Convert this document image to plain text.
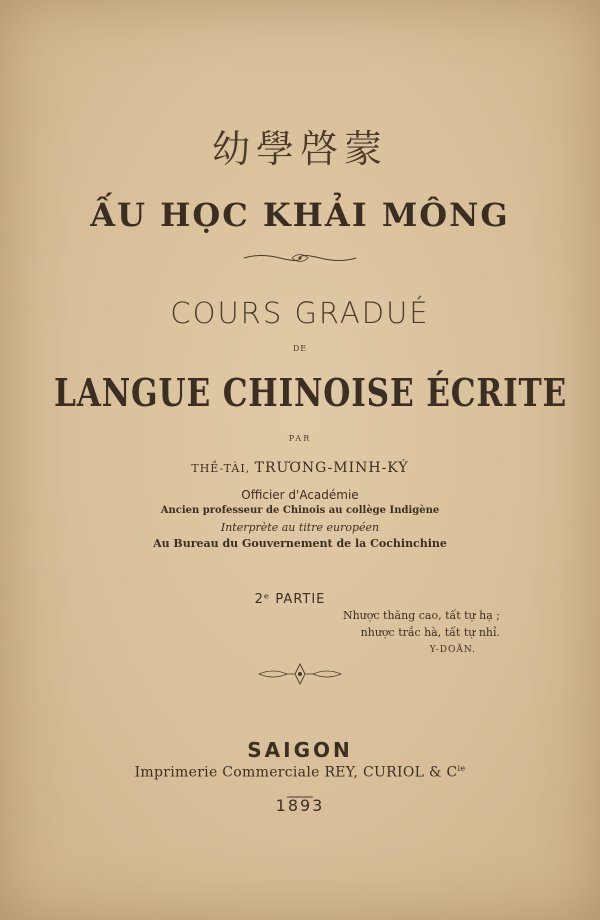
幼學啓蒙
ẤU HỌC KHẢI MÔNG
COURS GRADUÉ
DE
LANGUE CHINOISE ÉCRITE
PAR
THỀ-TÀI, TRƯƠNG-MINH-KÝ
Officier d'Académie
Ancien professeur de Chinois au collège Indigène
Interprète au titre européen
Au Bureau du Gouvernement de la Cochinchine
2ᵉ PARTIE
Nhược thăng cao, tất tự hạ ;
nhược trắc hà, tất tự nhỉ.
Y-DOÃN.
SAIGON
Imprimerie Commerciale REY, CURIOL & $C^{ie}$
1893
